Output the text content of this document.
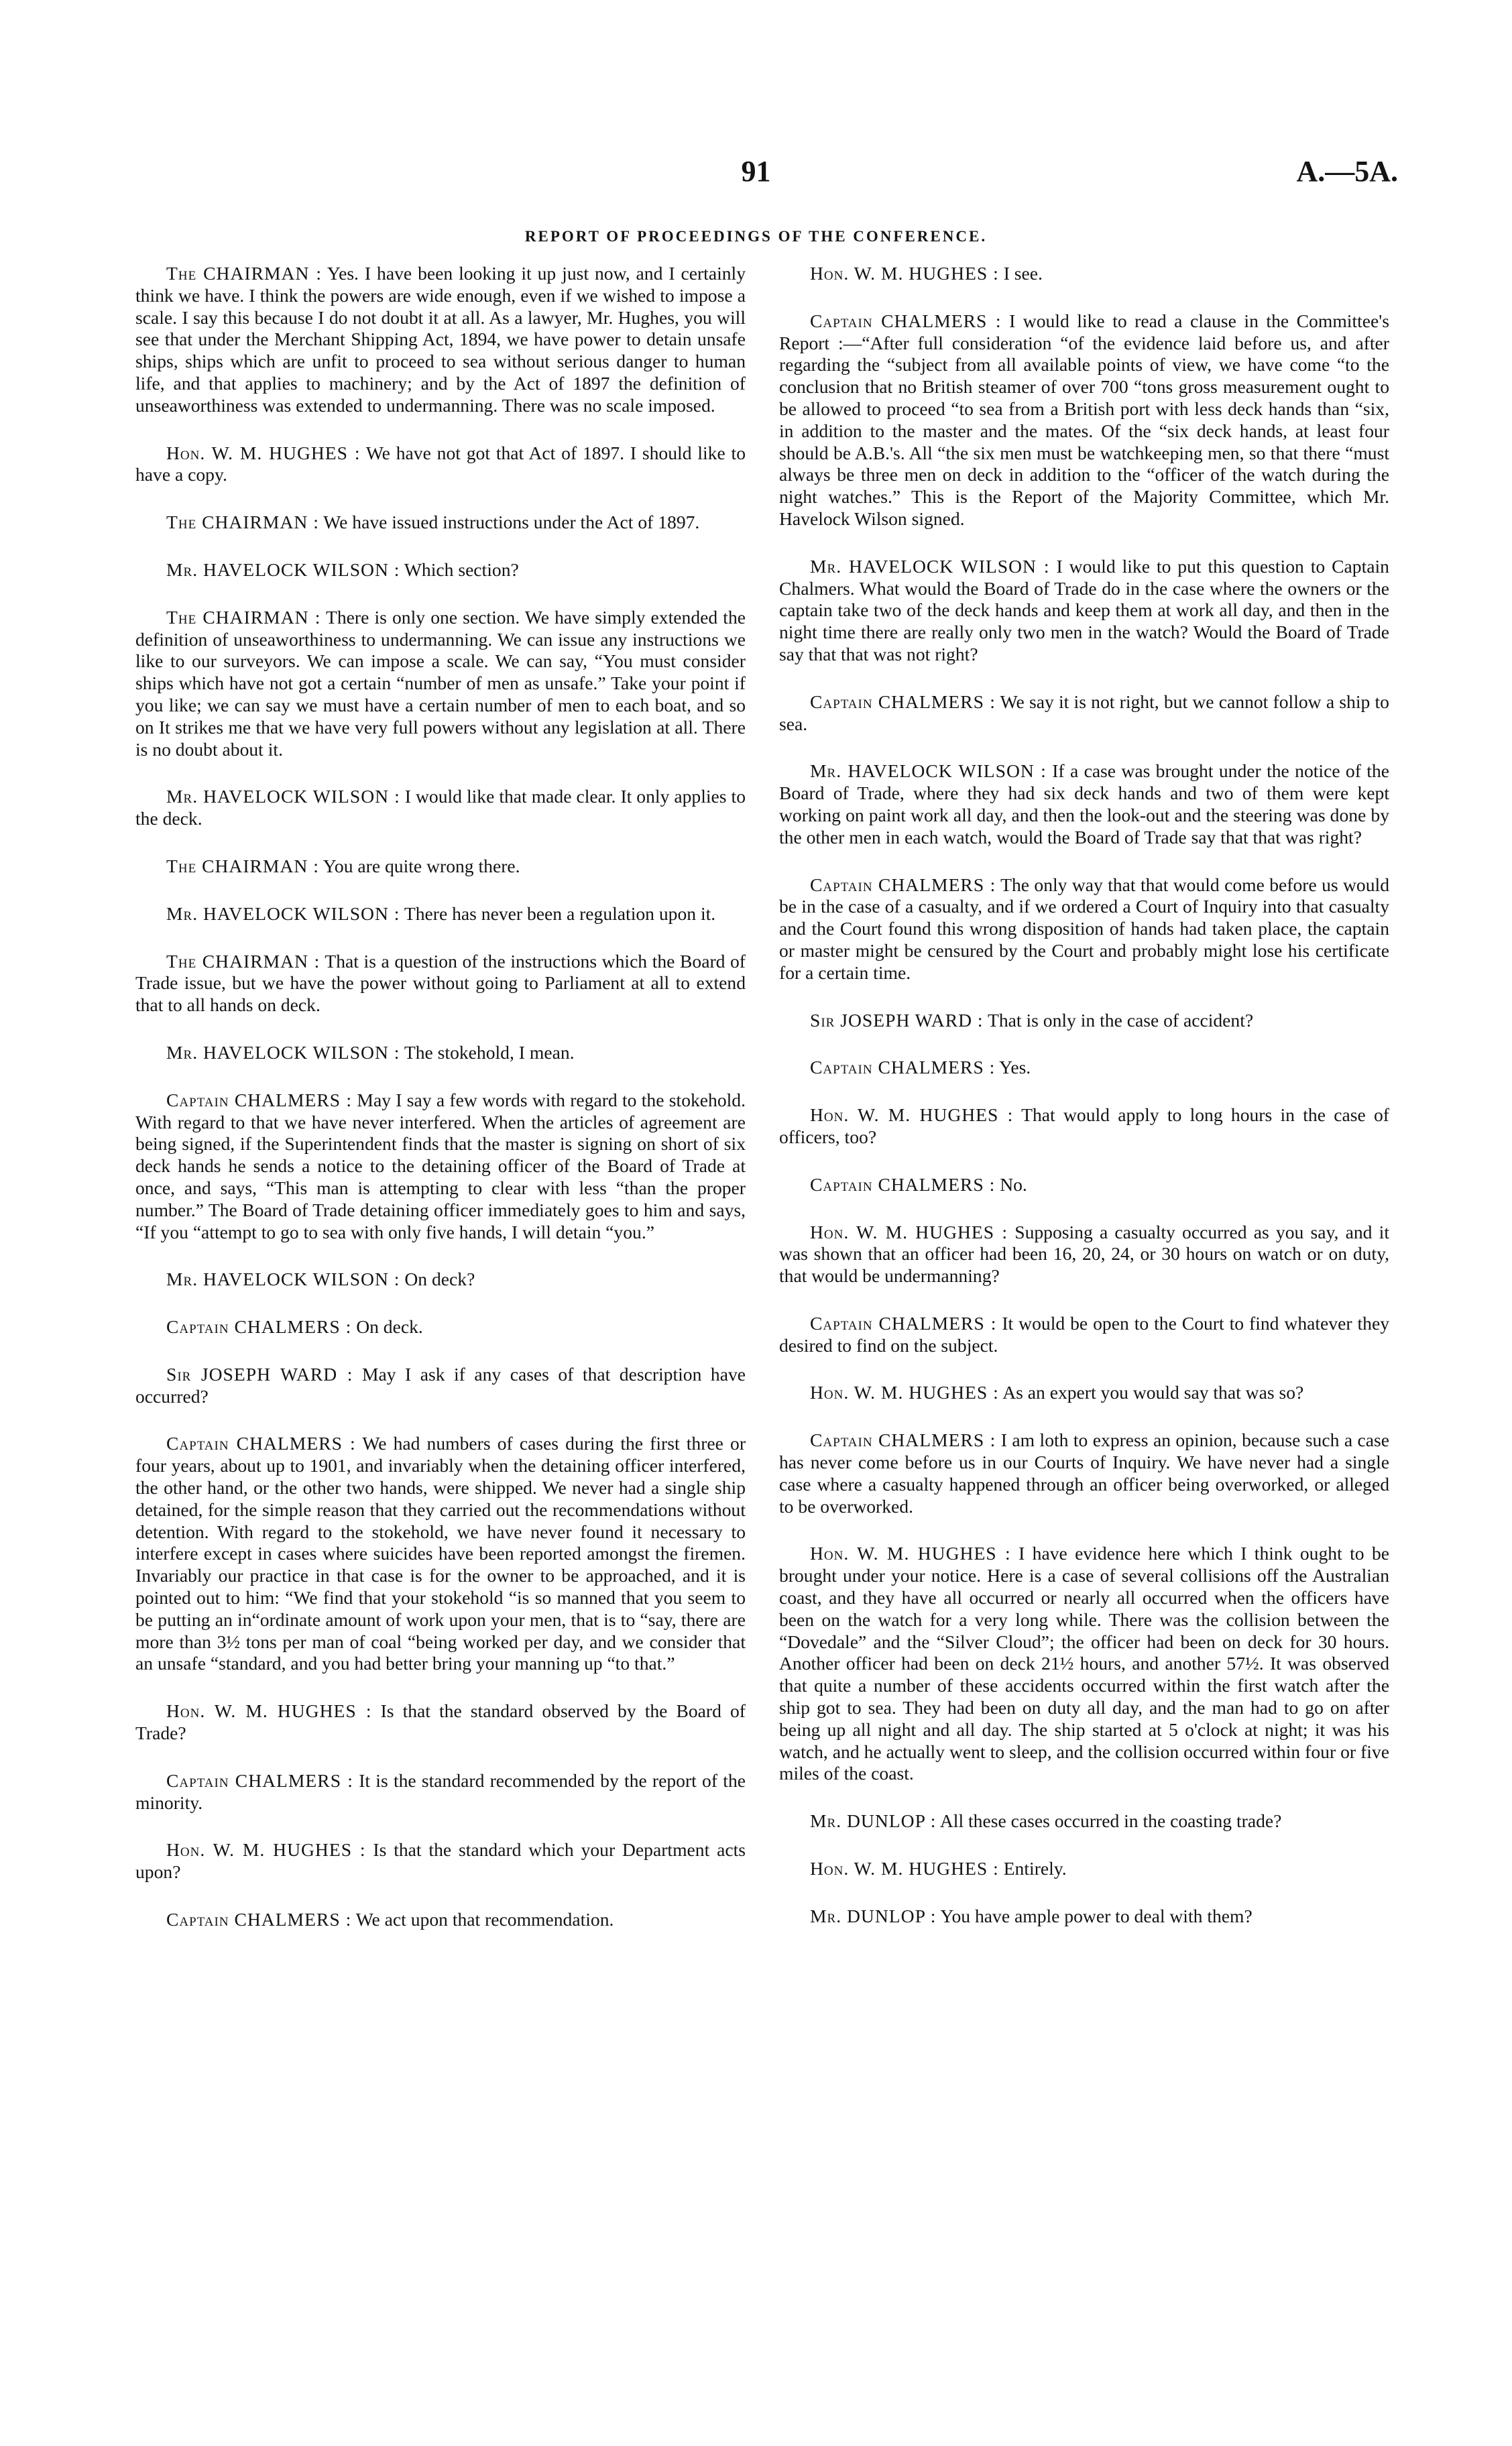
91	A.—5A.
REPORT OF PROCEEDINGS OF THE CONFERENCE.

The CHAIRMAN : Yes. I have been looking it up just now, and I certainly think we have. I think the powers are wide enough, even if we wished to impose a scale. I say this because I do not doubt it at all. As a lawyer, Mr. Hughes, you will see that under the Merchant Shipping Act, 1894, we have power to detain unsafe ships, ships which are unfit to proceed to sea without serious danger to human life, and that applies to machinery; and by the Act of 1897 the definition of unseaworthiness was extended to undermanning. There was no scale imposed.

Hon. W. M. HUGHES : We have not got that Act of 1897. I should like to have a copy.

The CHAIRMAN : We have issued instructions under the Act of 1897.

Mr. HAVELOCK WILSON : Which section?

The CHAIRMAN : There is only one section. We have simply extended the definition of unseaworthiness to undermanning. We can issue any instructions we like to our surveyors. We can impose a scale. We can say, “You must consider ships which have not got a certain “number of men as unsafe.” Take your point if you like; we can say we must have a certain number of men to each boat, and so on It strikes me that we have very full powers without any legislation at all. There is no doubt about it.

Mr. HAVELOCK WILSON : I would like that made clear. It only applies to the deck.

The CHAIRMAN : You are quite wrong there.

Mr. HAVELOCK WILSON : There has never been a regulation upon it.

The CHAIRMAN : That is a question of the instructions which the Board of Trade issue, but we have the power without going to Parliament at all to extend that to all hands on deck.

Mr. HAVELOCK WILSON : The stokehold, I mean.

Captain CHALMERS : May I say a few words with regard to the stokehold. With regard to that we have never interfered. When the articles of agreement are being signed, if the Superintendent finds that the master is signing on short of six deck hands he sends a notice to the detaining officer of the Board of Trade at once, and says, “This man is attempting to clear with less “than the proper number.” The Board of Trade detaining officer immediately goes to him and says, “If you “attempt to go to sea with only five hands, I will detain “you.”

Mr. HAVELOCK WILSON : On deck?

Captain CHALMERS : On deck.

Sir JOSEPH WARD : May I ask if any cases of that description have occurred?

Captain CHALMERS : We had numbers of cases during the first three or four years, about up to 1901, and invariably when the detaining officer interfered, the other hand, or the other two hands, were shipped. We never had a single ship detained, for the simple reason that they carried out the recommendations without detention. With regard to the stokehold, we have never found it necessary to interfere except in cases where suicides have been reported amongst the firemen. Invariably our practice in that case is for the owner to be approached, and it is pointed out to him: “We find that your stokehold “is so manned that you seem to be putting an in“ordinate amount of work upon your men, that is to “say, there are more than 3½ tons per man of coal “being worked per day, and we consider that an unsafe “standard, and you had better bring your manning up “to that.”

Hon. W. M. HUGHES : Is that the standard observed by the Board of Trade?

Captain CHALMERS : It is the standard recommended by the report of the minority.

Hon. W. M. HUGHES : Is that the standard which your Department acts upon?

Captain CHALMERS : We act upon that recommendation.

Hon. W. M. HUGHES : I see.

Captain CHALMERS : I would like to read a clause in the Committee's Report :—“After full consideration “of the evidence laid before us, and after regarding the “subject from all available points of view, we have come “to the conclusion that no British steamer of over 700 “tons gross measurement ought to be allowed to proceed “to sea from a British port with less deck hands than “six, in addition to the master and the mates. Of the “six deck hands, at least four should be A.B.'s. All “the six men must be watchkeeping men, so that there “must always be three men on deck in addition to the “officer of the watch during the night watches.” This is the Report of the Majority Committee, which Mr. Havelock Wilson signed.

Mr. HAVELOCK WILSON : I would like to put this question to Captain Chalmers. What would the Board of Trade do in the case where the owners or the captain take two of the deck hands and keep them at work all day, and then in the night time there are really only two men in the watch? Would the Board of Trade say that that was not right?

Captain CHALMERS : We say it is not right, but we cannot follow a ship to sea.

Mr. HAVELOCK WILSON : If a case was brought under the notice of the Board of Trade, where they had six deck hands and two of them were kept working on paint work all day, and then the look-out and the steering was done by the other men in each watch, would the Board of Trade say that that was right?

Captain CHALMERS : The only way that that would come before us would be in the case of a casualty, and if we ordered a Court of Inquiry into that casualty and the Court found this wrong disposition of hands had taken place, the captain or master might be censured by the Court and probably might lose his certificate for a certain time.

Sir JOSEPH WARD : That is only in the case of accident?

Captain CHALMERS : Yes.

Hon. W. M. HUGHES : That would apply to long hours in the case of officers, too?

Captain CHALMERS : No.

Hon. W. M. HUGHES : Supposing a casualty occurred as you say, and it was shown that an officer had been 16, 20, 24, or 30 hours on watch or on duty, that would be undermanning?

Captain CHALMERS : It would be open to the Court to find whatever they desired to find on the subject.

Hon. W. M. HUGHES : As an expert you would say that was so?

Captain CHALMERS : I am loth to express an opinion, because such a case has never come before us in our Courts of Inquiry. We have never had a single case where a casualty happened through an officer being overworked, or alleged to be overworked.

Hon. W. M. HUGHES : I have evidence here which I think ought to be brought under your notice. Here is a case of several collisions off the Australian coast, and they have all occurred or nearly all occurred when the officers have been on the watch for a very long while. There was the collision between the “Dovedale” and the “Silver Cloud”; the officer had been on deck for 30 hours. Another officer had been on deck 21½ hours, and another 57½. It was observed that quite a number of these accidents occurred within the first watch after the ship got to sea. They had been on duty all day, and the man had to go on after being up all night and all day. The ship started at 5 o'clock at night; it was his watch, and he actually went to sleep, and the collision occurred within four or five miles of the coast.

Mr. DUNLOP : All these cases occurred in the coasting trade?

Hon. W. M. HUGHES : Entirely.

Mr. DUNLOP : You have ample power to deal with them?
